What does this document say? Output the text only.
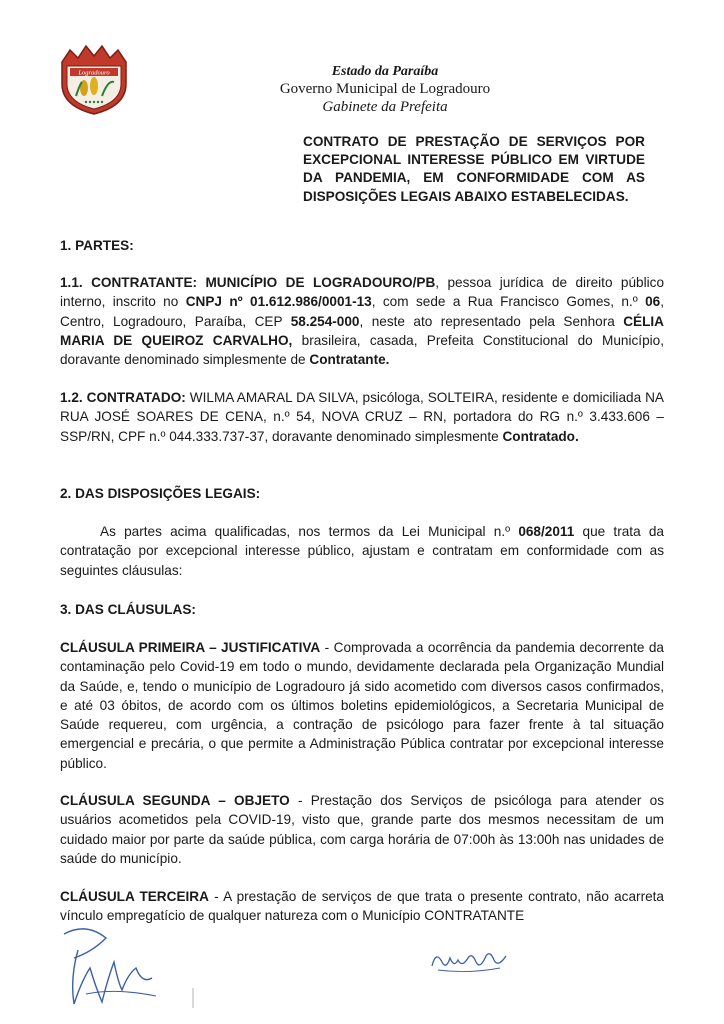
Logradouro	Estado da Paraíba
Governo Municipal de Logradouro
Gabinete da Prefeita
CONTRATO DE PRESTAÇÃO DE SERVIÇOS POR EXCEPCIONAL INTERESSE PÚBLICO EM VIRTUDE DA PANDEMIA, EM CONFORMIDADE COM AS DISPOSIÇÕES LEGAIS ABAIXO ESTABELECIDAS.
1. PARTES:
1.1. CONTRATANTE: MUNICÍPIO DE LOGRADOURO/PB, pessoa jurídica de direito público interno, inscrito no CNPJ nº 01.612.986/0001-13, com sede a Rua Francisco Gomes, n.º 06, Centro, Logradouro, Paraíba, CEP 58.254-000, neste ato representado pela Senhora CÉLIA MARIA DE QUEIROZ CARVALHO, brasileira, casada, Prefeita Constitucional do Município, doravante denominado simplesmente de Contratante.
1.2. CONTRATADO: WILMA AMARAL DA SILVA, psicóloga, SOLTEIRA, residente e domiciliada NA RUA JOSÉ SOARES DE CENA, n.º 54, NOVA CRUZ – RN, portadora do RG n.º 3.433.606 – SSP/RN, CPF n.º 044.333.737-37, doravante denominado simplesmente Contratado.
2. DAS DISPOSIÇÕES LEGAIS:
As partes acima qualificadas, nos termos da Lei Municipal n.º 068/2011 que trata da contratação por excepcional interesse público, ajustam e contratam em conformidade com as seguintes cláusulas:
3. DAS CLÁUSULAS:
CLÁUSULA PRIMEIRA – JUSTIFICATIVA - Comprovada a ocorrência da pandemia decorrente da contaminação pelo Covid-19 em todo o mundo, devidamente declarada pela Organização Mundial da Saúde, e, tendo o município de Logradouro já sido acometido com diversos casos confirmados, e até 03 óbitos, de acordo com os últimos boletins epidemiológicos, a Secretaria Municipal de Saúde requereu, com urgência, a contração de psicólogo para fazer frente à tal situação emergencial e precária, o que permite a Administração Pública contratar por excepcional interesse público.
CLÁUSULA SEGUNDA – OBJETO - Prestação dos Serviços de psicóloga para atender os usuários acometidos pela COVID-19, visto que, grande parte dos mesmos necessitam de um cuidado maior por parte da saúde pública, com carga horária de 07:00h às 13:00h nas unidades de saúde do município.
CLÁUSULA TERCEIRA - A prestação de serviços de que trata o presente contrato, não acarreta vínculo empregatício de qualquer natureza com o Município CONTRATANTE
